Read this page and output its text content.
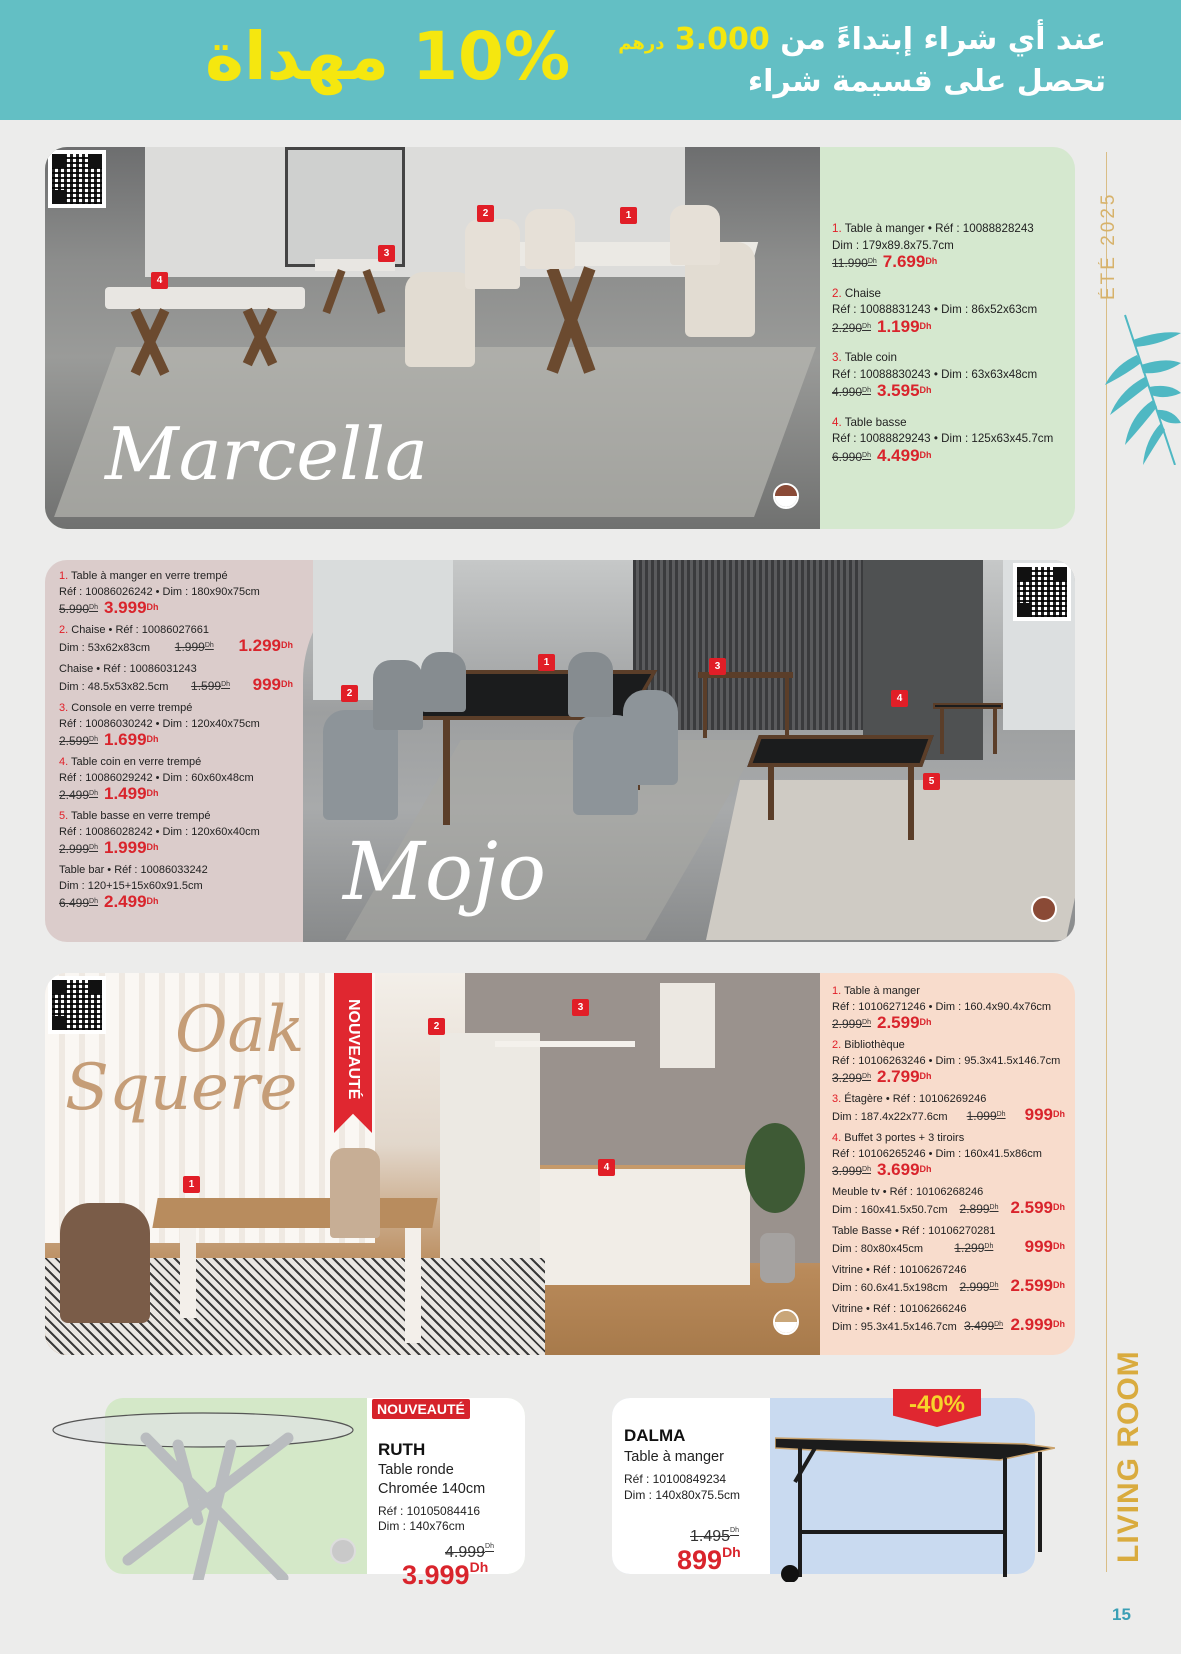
10% مهداة	عند أي شراء إبتداءً من 3.000 درهم
تحصل على قسيمة شراء
ÉTÉ 2025
LIVING ROOM
15
1
2
3
4
Marcella
1. Table à manger • Réf : 10088828243
Dim : 179x89.8x75.7cm
$11.990^{Dh}$ $7.699^{Dh}$
2. Chaise
Réf : 10088831243 • Dim : 86x52x63cm
$2.290^{Dh}$ $1.199^{Dh}$
3. Table coin
Réf : 10088830243 • Dim : 63x63x48cm
$4.990^{Dh}$ $3.595^{Dh}$
4. Table basse
Réf : 10088829243 • Dim : 125x63x45.7cm
$6.990^{Dh}$ $4.499^{Dh}$
1. Table à manger en verre trempé
Réf : 10086026242 • Dim : 180x90x75cm
$5.990^{Dh}$ $3.999^{Dh}$
2. Chaise • Réf : 10086027661
Dim : 53x62x83cm $1.999^{Dh}$ $1.299^{Dh}$
Chaise • Réf : 10086031243
Dim : 48.5x53x82.5cm $1.599^{Dh}$ $999^{Dh}$
3. Console en verre trempé
Réf : 10086030242 • Dim : 120x40x75cm
$2.599^{Dh}$ $1.699^{Dh}$
4. Table coin en verre trempé
Réf : 10086029242 • Dim : 60x60x48cm
$2.499^{Dh}$ $1.499^{Dh}$
5. Table basse en verre trempé
Réf : 10086028242 • Dim : 120x60x40cm
$2.999^{Dh}$ $1.999^{Dh}$
Table bar • Réf : 10086033242
Dim : 120+15+15x60x91.5cm
$6.499^{Dh}$ $2.499^{Dh}$
1
2
3
4
5
Mojo
1
2
3
4
Oak
Squere	NOUVEAUTÉ
1. Table à manger
Réf : 10106271246 • Dim : 160.4x90.4x76cm
$2.999^{Dh}$ $2.599^{Dh}$
2. Bibliothèque
Réf : 10106263246 • Dim : 95.3x41.5x146.7cm
$3.299^{Dh}$ $2.799^{Dh}$
3. Étagère • Réf : 10106269246
Dim : 187.4x22x77.6cm $1.099^{Dh}$ $999^{Dh}$
4. Buffet 3 portes + 3 tiroirs
Réf : 10106265246 • Dim : 160x41.5x86cm
$3.999^{Dh}$ $3.699^{Dh}$
Meuble tv • Réf : 10106268246
Dim : 160x41.5x50.7cm $2.899^{Dh}$ $2.599^{Dh}$
Table Basse • Réf : 10106270281
Dim : 80x80x45cm	$1.299^{Dh}$ $999^{Dh}$
Vitrine • Réf : 10106267246
Dim : 60.6x41.5x198cm $2.999^{Dh}$ $2.599^{Dh}$
Vitrine • Réf : 10106266246
Dim : 95.3x41.5x146.7cm $3.499^{Dh}$ $2.999^{Dh}$
NOUVEAUTÉ
RUTH
Table ronde
Chromée 140cm
Réf : 10105084416
Dim : 140x76cm
$4.999^{Dh}$
$3.999^{Dh}$
-40%
DALMA
Table à manger
Réf : 10100849234
Dim : 140x80x75.5cm
$1.495^{Dh}$
$899^{Dh}$
